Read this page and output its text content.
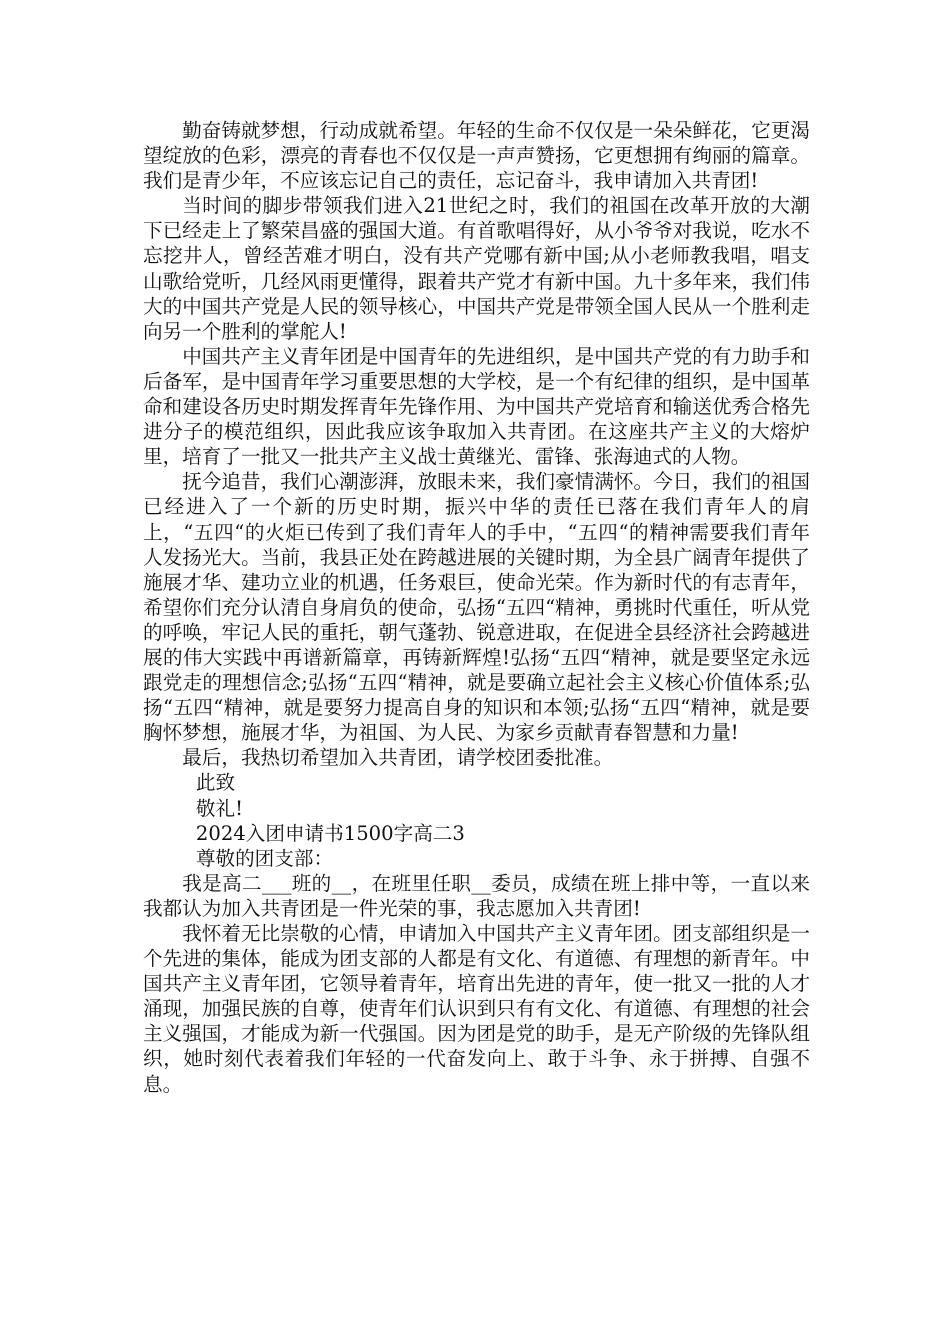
勤奋铸就梦想，行动成就希望。年轻的生命不仅仅是一朵朵鲜花，它更渴望绽放的色彩，漂亮的青春也不仅仅是一声声赞扬，它更想拥有绚丽的篇章。我们是青少年，不应该忘记自己的责任，忘记奋斗，我申请加入共青团!

当时间的脚步带领我们进入21世纪之时，我们的祖国在改革开放的大潮下已经走上了繁荣昌盛的强国大道。有首歌唱得好，从小爷爷对我说，吃水不忘挖井人，曾经苦难才明白，没有共产党哪有新中国;从小老师教我唱，唱支山歌给党听，几经风雨更懂得，跟着共产党才有新中国。九十多年来，我们伟大的中国共产党是人民的领导核心，中国共产党是带领全国人民从一个胜利走向另一个胜利的掌舵人!

中国共产主义青年团是中国青年的先进组织，是中国共产党的有力助手和后备军，是中国青年学习重要思想的大学校，是一个有纪律的组织，是中国革命和建设各历史时期发挥青年先锋作用、为中国共产党培育和输送优秀合格先进分子的模范组织，因此我应该争取加入共青团。在这座共产主义的大熔炉里，培育了一批又一批共产主义战士黄继光、雷锋、张海迪式的人物。

抚今追昔，我们心潮澎湃，放眼未来，我们豪情满怀。今日，我们的祖国已经进入了一个新的历史时期，振兴中华的责任已落在我们青年人的肩上，“五四“的火炬已传到了我们青年人的手中，“五四“的精神需要我们青年人发扬光大。当前，我县正处在跨越进展的关键时期，为全县广阔青年提供了施展才华、建功立业的机遇，任务艰巨，使命光荣。作为新时代的有志青年，希望你们充分认清自身肩负的使命，弘扬“五四“精神，勇挑时代重任，听从党的呼唤，牢记人民的重托，朝气蓬勃、锐意进取，在促进全县经济社会跨越进展的伟大实践中再谱新篇章，再铸新辉煌!弘扬“五四“精神，就是要坚定永远跟党走的理想信念;弘扬“五四“精神，就是要确立起社会主义核心价值体系;弘扬“五四“精神，就是要努力提高自身的知识和本领;弘扬“五四“精神，就是要胸怀梦想，施展才华，为祖国、为人民、为家乡贡献青春智慧和力量!

最后，我热切希望加入共青团，请学校团委批准。

此致

敬礼!

2024入团申请书1500字高二3

尊敬的团支部：

我是高二___班的__，在班里任职__委员，成绩在班上排中等，一直以来我都认为加入共青团是一件光荣的事，我志愿加入共青团!

我怀着无比崇敬的心情，申请加入中国共产主义青年团。团支部组织是一个先进的集体，能成为团支部的人都是有文化、有道德、有理想的新青年。中国共产主义青年团，它领导着青年，培育出先进的青年，使一批又一批的人才涌现，加强民族的自尊，使青年们认识到只有有文化、有道德、有理想的社会主义强国，才能成为新一代强国。因为团是党的助手，是无产阶级的先锋队组织，她时刻代表着我们年轻的一代奋发向上、敢于斗争、永于拼搏、自强不息。
